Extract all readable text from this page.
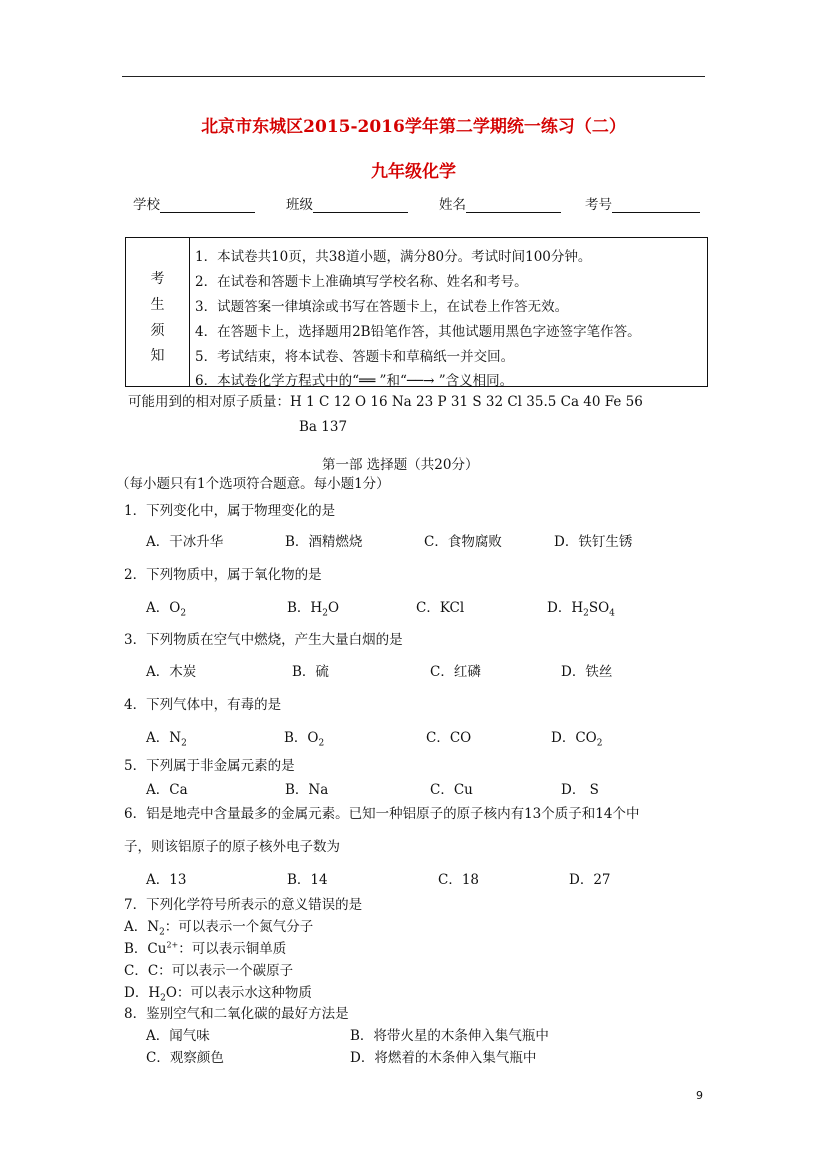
北京市东城区2015-2016学年第二学期统一练习（二）
九年级化学
学校	班级	姓名	考号
考
生
须
知
1．本试卷共10页，共38道小题，满分80分。考试时间100分钟。
2．在试卷和答题卡上准确填写学校名称、姓名和考号。
3．试题答案一律填涂或书写在答题卡上，在试卷上作答无效。
4．在答题卡上，选择题用2B铅笔作答，其他试题用黑色字迹签字笔作答。
5．考试结束，将本试卷、答题卡和草稿纸一并交回。
6．本试卷化学方程式中的“══ ”和“──→ ”含义相同。
可能用到的相对原子质量：H 1 C 12 O 16 Na 23 P 31 S 32 Cl 35.5 Ca 40 Fe 56
Ba 137
第一部 选择题（共20分）
（每小题只有1个选项符合题意。每小题1分）
1．下列变化中，属于物理变化的是
A．干冰升华	B．酒精燃烧	C．食物腐败	D．铁钉生锈
2．下列物质中，属于氧化物的是
A．$O_2$	B．$H_2O$	C．KCl	D．$H_2SO_4$
3．下列物质在空气中燃烧，产生大量白烟的是
A．木炭	B．硫	C．红磷	D．铁丝
4．下列气体中，有毒的是
A．$N_2$	B．$O_2$	C．CO	D．$CO_2$
5．下列属于非金属元素的是
A．Ca	B．Na	C．Cu	D． S
6．铝是地壳中含量最多的金属元素。已知一种铝原子的原子核内有13个质子和14个中
子，则该铝原子的原子核外电子数为
A．13	B．14	C．18	D．27
7．下列化学符号所表示的意义错误的是
A．$N_2$：可以表示一个氮气分子
B．$Cu^{2+}$：可以表示铜单质
C．C：可以表示一个碳原子
D．$H_2O$：可以表示水这种物质
8．鉴别空气和二氧化碳的最好方法是
A．闻气味	B．将带火星的木条伸入集气瓶中
C．观察颜色	D．将燃着的木条伸入集气瓶中
9
